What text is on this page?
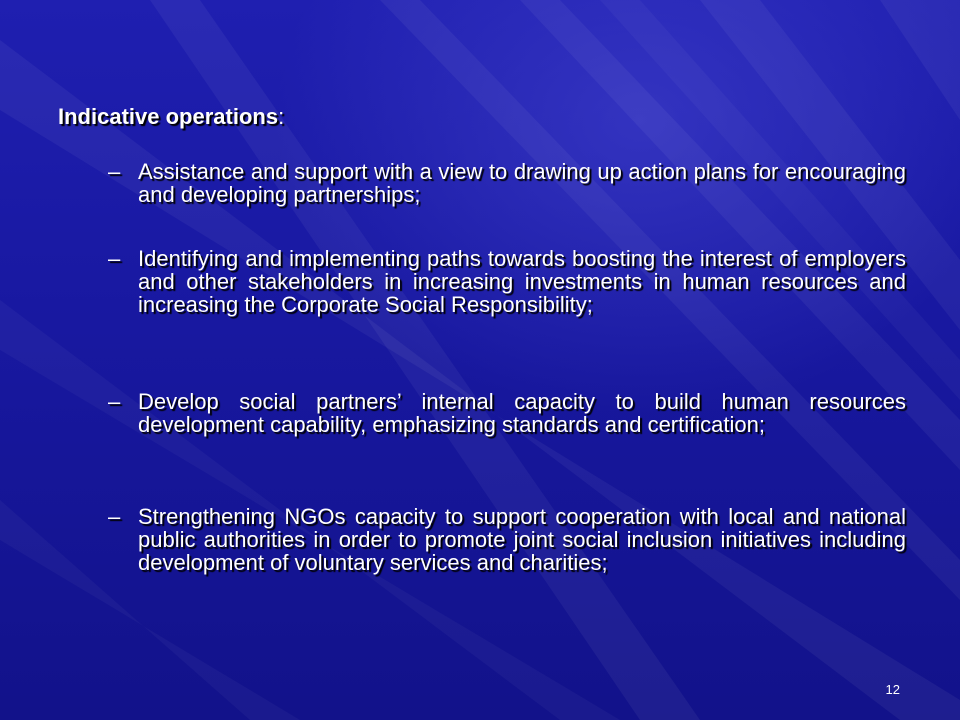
Indicative operations:
– Assistance and support with a view to drawing up action plans for encouraging and developing partnerships;
– Identifying and implementing paths towards boosting the interest of employers and other stakeholders in increasing investments in human resources and increasing the Corporate Social Responsibility;
– Develop social partners’ internal capacity to build human resources development capability, emphasizing standards and certification;
– Strengthening NGOs capacity to support cooperation with local and national public authorities in order to promote joint social inclusion initiatives including development of voluntary services and charities;
12
